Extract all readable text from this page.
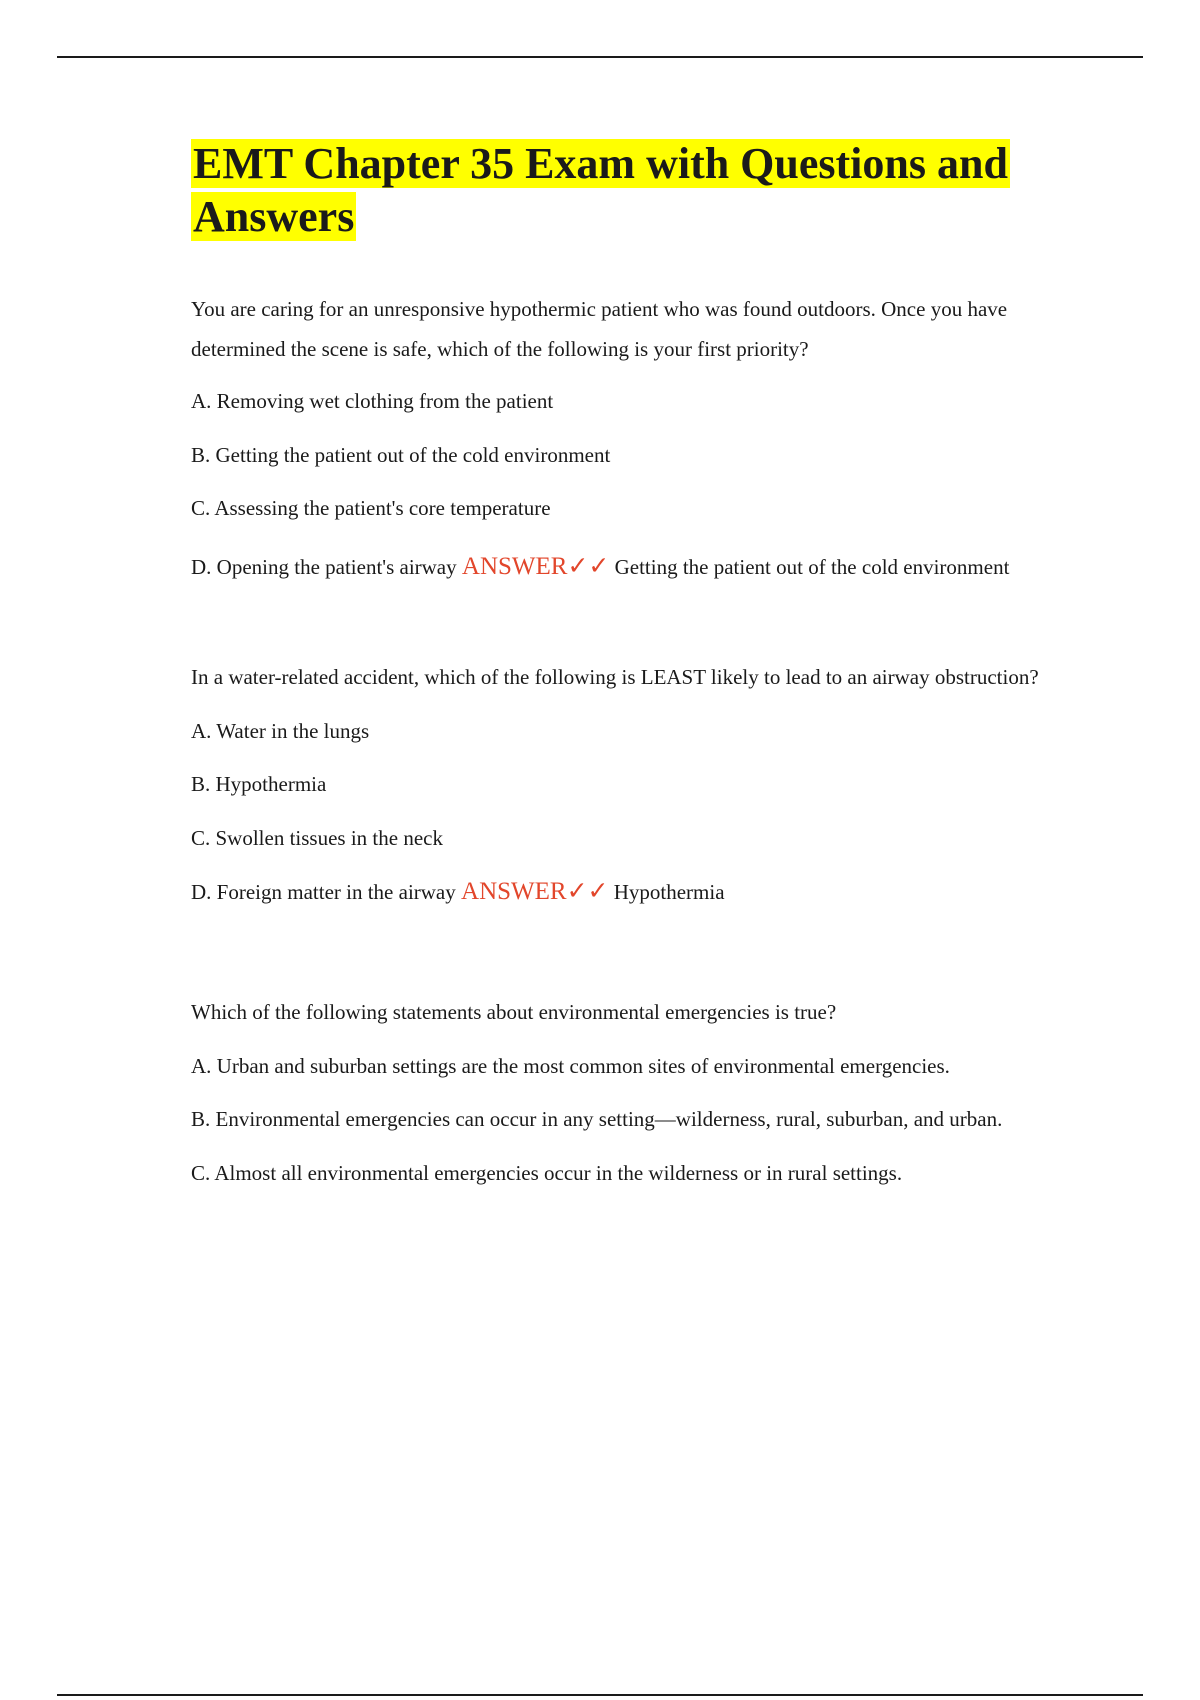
EMT Chapter 35 Exam with Questions and Answers

You are caring for an unresponsive hypothermic patient who was found outdoors. Once you have determined the scene is safe, which of the following is your first priority?

A. Removing wet clothing from the patient

B. Getting the patient out of the cold environment

C. Assessing the patient's core temperature

D. Opening the patient's airway ANSWER✓✓ Getting the patient out of the cold environment

In a water-related accident, which of the following is LEAST likely to lead to an airway obstruction?

A. Water in the lungs

B. Hypothermia

C. Swollen tissues in the neck

D. Foreign matter in the airway ANSWER✓✓ Hypothermia

Which of the following statements about environmental emergencies is true?

A. Urban and suburban settings are the most common sites of environmental emergencies.

B. Environmental emergencies can occur in any setting—wilderness, rural, suburban, and urban.

C. Almost all environmental emergencies occur in the wilderness or in rural settings.
